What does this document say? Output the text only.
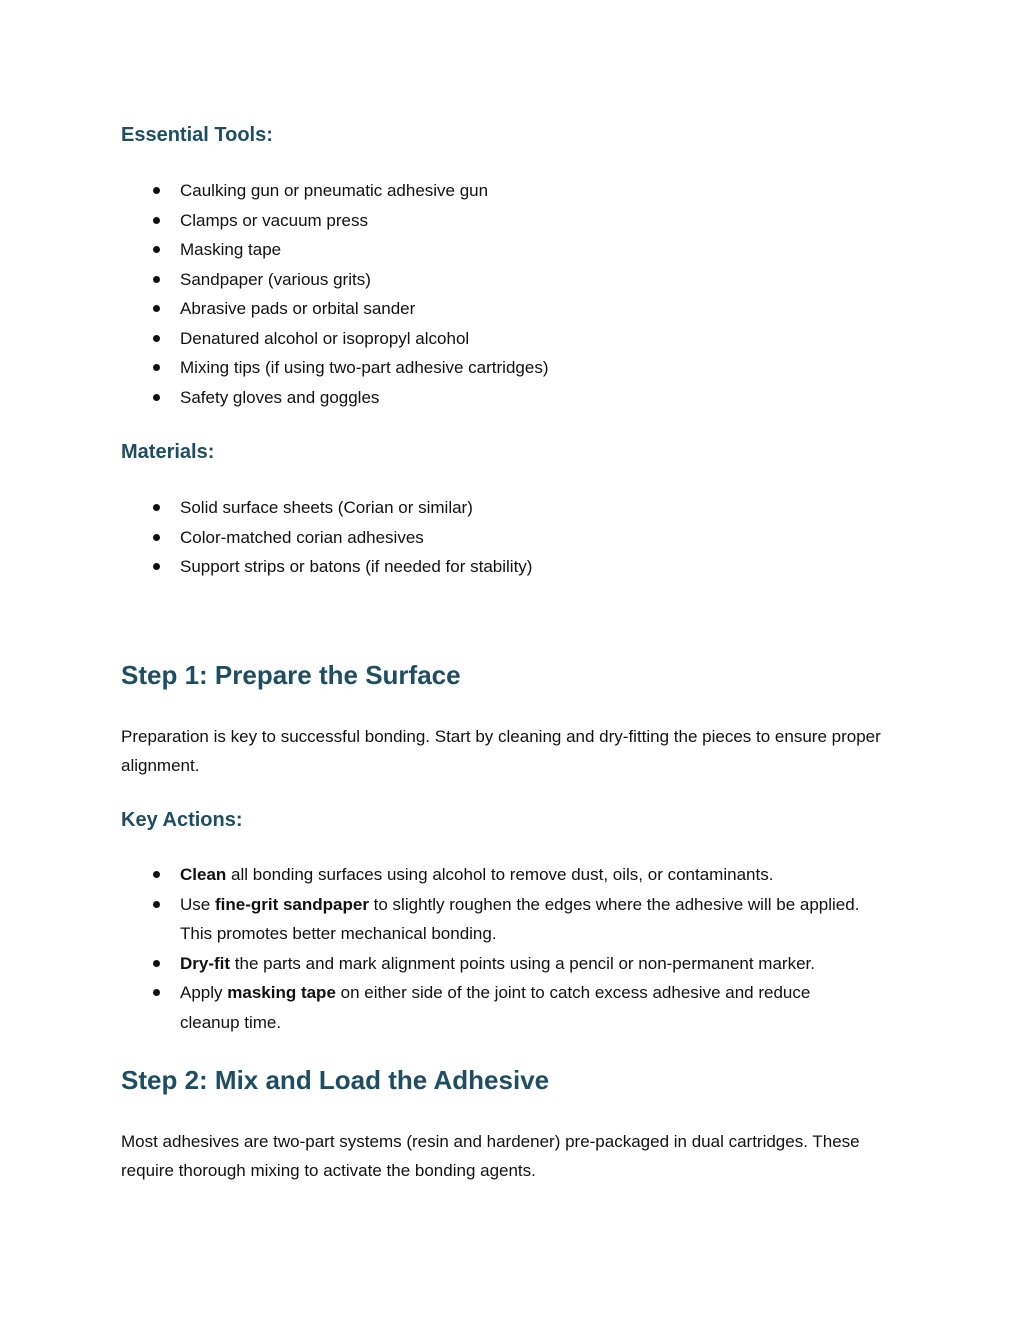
Essential Tools:
Caulking gun or pneumatic adhesive gun
Clamps or vacuum press
Masking tape
Sandpaper (various grits)
Abrasive pads or orbital sander
Denatured alcohol or isopropyl alcohol
Mixing tips (if using two-part adhesive cartridges)
Safety gloves and goggles
Materials:
Solid surface sheets (Corian or similar)
Color-matched corian adhesives
Support strips or batons (if needed for stability)
Step 1: Prepare the Surface

Preparation is key to successful bonding. Start by cleaning and dry-fitting the pieces to ensure proper alignment.

Key Actions:
Clean all bonding surfaces using alcohol to remove dust, oils, or contaminants.
Use fine-grit sandpaper to slightly roughen the edges where the adhesive will be applied. This promotes better mechanical bonding.
Dry-fit the parts and mark alignment points using a pencil or non-permanent marker.
Apply masking tape on either side of the joint to catch excess adhesive and reduce cleanup time.
Step 2: Mix and Load the Adhesive

Most adhesives are two-part systems (resin and hardener) pre-packaged in dual cartridges. These require thorough mixing to activate the bonding agents.
